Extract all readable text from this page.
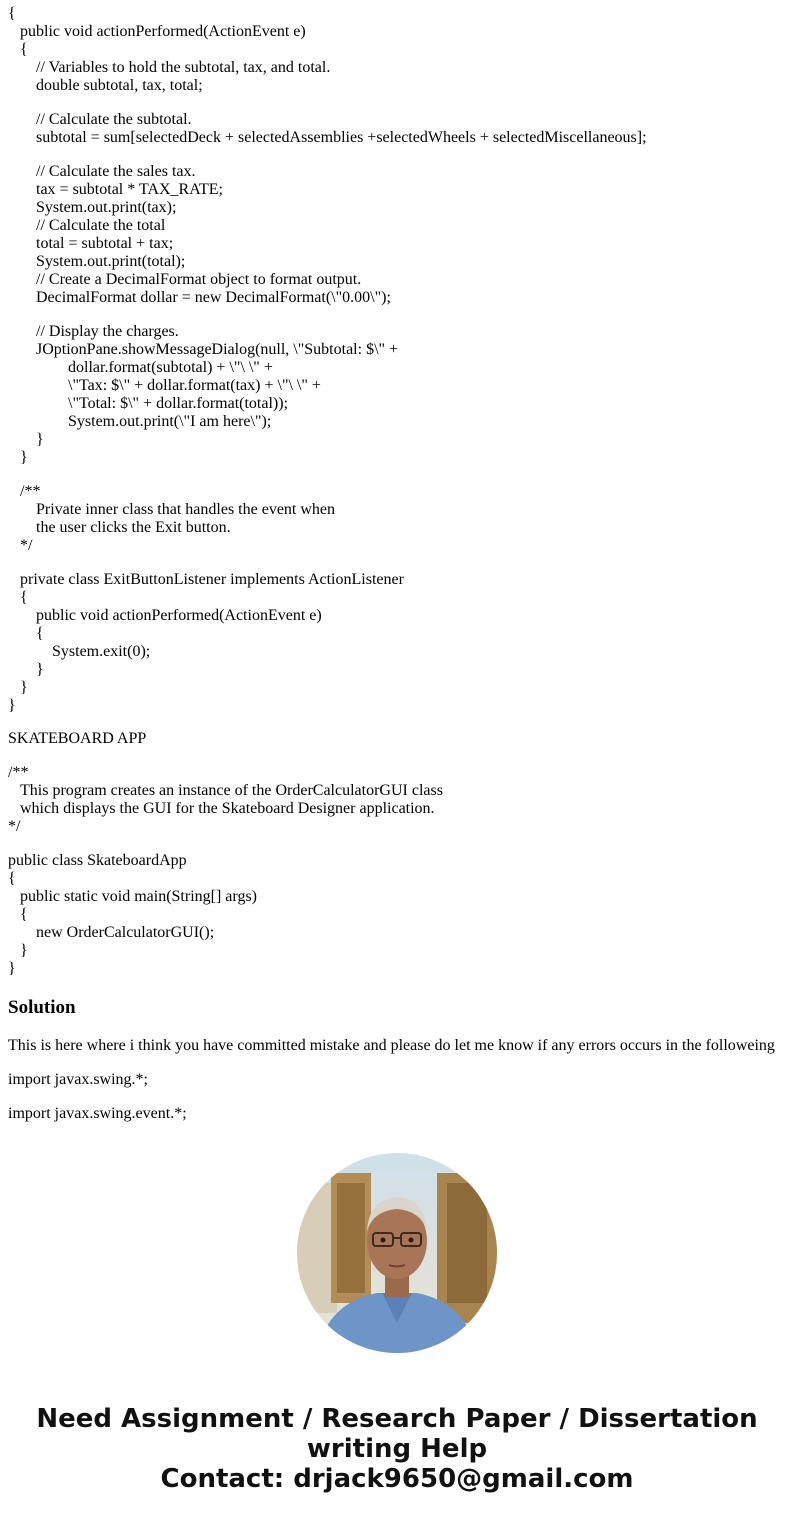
{
public void actionPerformed(ActionEvent e)
{
// Variables to hold the subtotal, tax, and total.
double subtotal, tax, total;
// Calculate the subtotal.
subtotal = sum[selectedDeck + selectedAssemblies +selectedWheels + selectedMiscellaneous];
// Calculate the sales tax.
tax = subtotal * TAX_RATE;
System.out.print(tax);
// Calculate the total
total = subtotal + tax;
System.out.print(total);
// Create a DecimalFormat object to format output.
DecimalFormat dollar = new DecimalFormat(\"0.00\");
// Display the charges.
JOptionPane.showMessageDialog(null, \"Subtotal: $\" +
dollar.format(subtotal) + \"\ \" +
\"Tax: $\" + dollar.format(tax) + \"\ \" +
\"Total: $\" + dollar.format(total));
System.out.print(\"I am here\");
}
}
/**
Private inner class that handles the event when
the user clicks the Exit button.
*/
private class ExitButtonListener implements ActionListener
{
public void actionPerformed(ActionEvent e)
{
System.exit(0);
}
}
}
SKATEBOARD APP
/**
This program creates an instance of the OrderCalculatorGUI class
which displays the GUI for the Skateboard Designer application.
*/
public class SkateboardApp
{
public static void main(String[] args)
{
new OrderCalculatorGUI();
}
}
Solution
This is here where i think you have committed mistake and please do let me know if any errors occurs in the followeing
import javax.swing.*;
import javax.swing.event.*;
Need Assignment / Research Paper / Dissertation
writing Help
Contact: drjack9650@gmail.com
